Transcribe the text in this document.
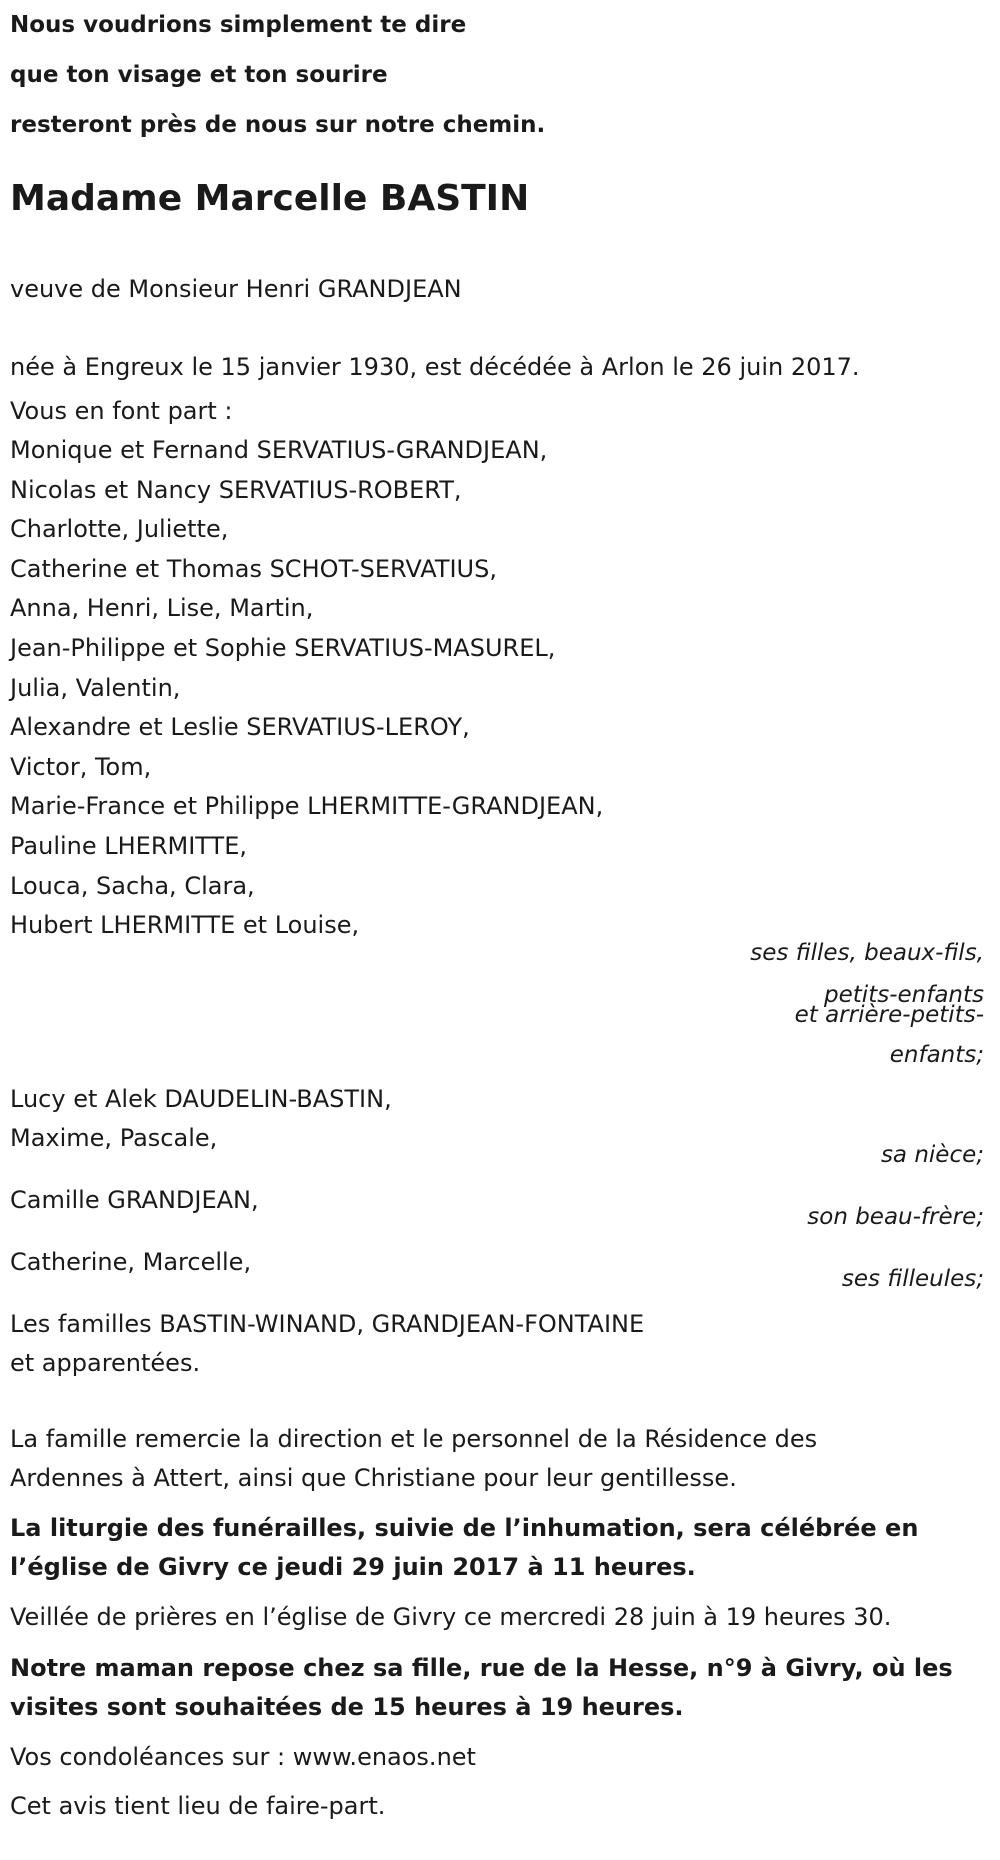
Nous voudrions simplement te dire
que ton visage et ton sourire
resteront près de nous sur notre chemin.
Madame Marcelle BASTIN
veuve de Monsieur Henri GRANDJEAN
née à Engreux le 15 janvier 1930, est décédée à Arlon le 26 juin 2017.
Vous en font part :
Monique et Fernand SERVATIUS-GRANDJEAN,
Nicolas et Nancy SERVATIUS-ROBERT,
Charlotte, Juliette,
Catherine et Thomas SCHOT-SERVATIUS,
Anna, Henri, Lise, Martin,
Jean-Philippe et Sophie SERVATIUS-MASUREL,
Julia, Valentin,
Alexandre et Leslie SERVATIUS-LEROY,
Victor, Tom,
Marie-France et Philippe LHERMITTE-GRANDJEAN,
Pauline LHERMITTE,
Louca, Sacha, Clara,
Hubert LHERMITTE et Louise,
ses filles, beaux-fils,
petits-enfants
et arrière-petits-
enfants;
Lucy et Alek DAUDELIN-BASTIN,
Maxime, Pascale,
sa nièce;
Camille GRANDJEAN,
son beau-frère;
Catherine, Marcelle,
ses filleules;
Les familles BASTIN-WINAND, GRANDJEAN-FONTAINE
et apparentées.
La famille remercie la direction et le personnel de la Résidence des
Ardennes à Attert, ainsi que Christiane pour leur gentillesse.
La liturgie des funérailles, suivie de l’inhumation, sera célébrée en
l’église de Givry ce jeudi 29 juin 2017 à 11 heures.
Veillée de prières en l’église de Givry ce mercredi 28 juin à 19 heures 30.
Notre maman repose chez sa fille, rue de la Hesse, n°9 à Givry, où les
visites sont souhaitées de 15 heures à 19 heures.
Vos condoléances sur : www.enaos.net
Cet avis tient lieu de faire-part.
